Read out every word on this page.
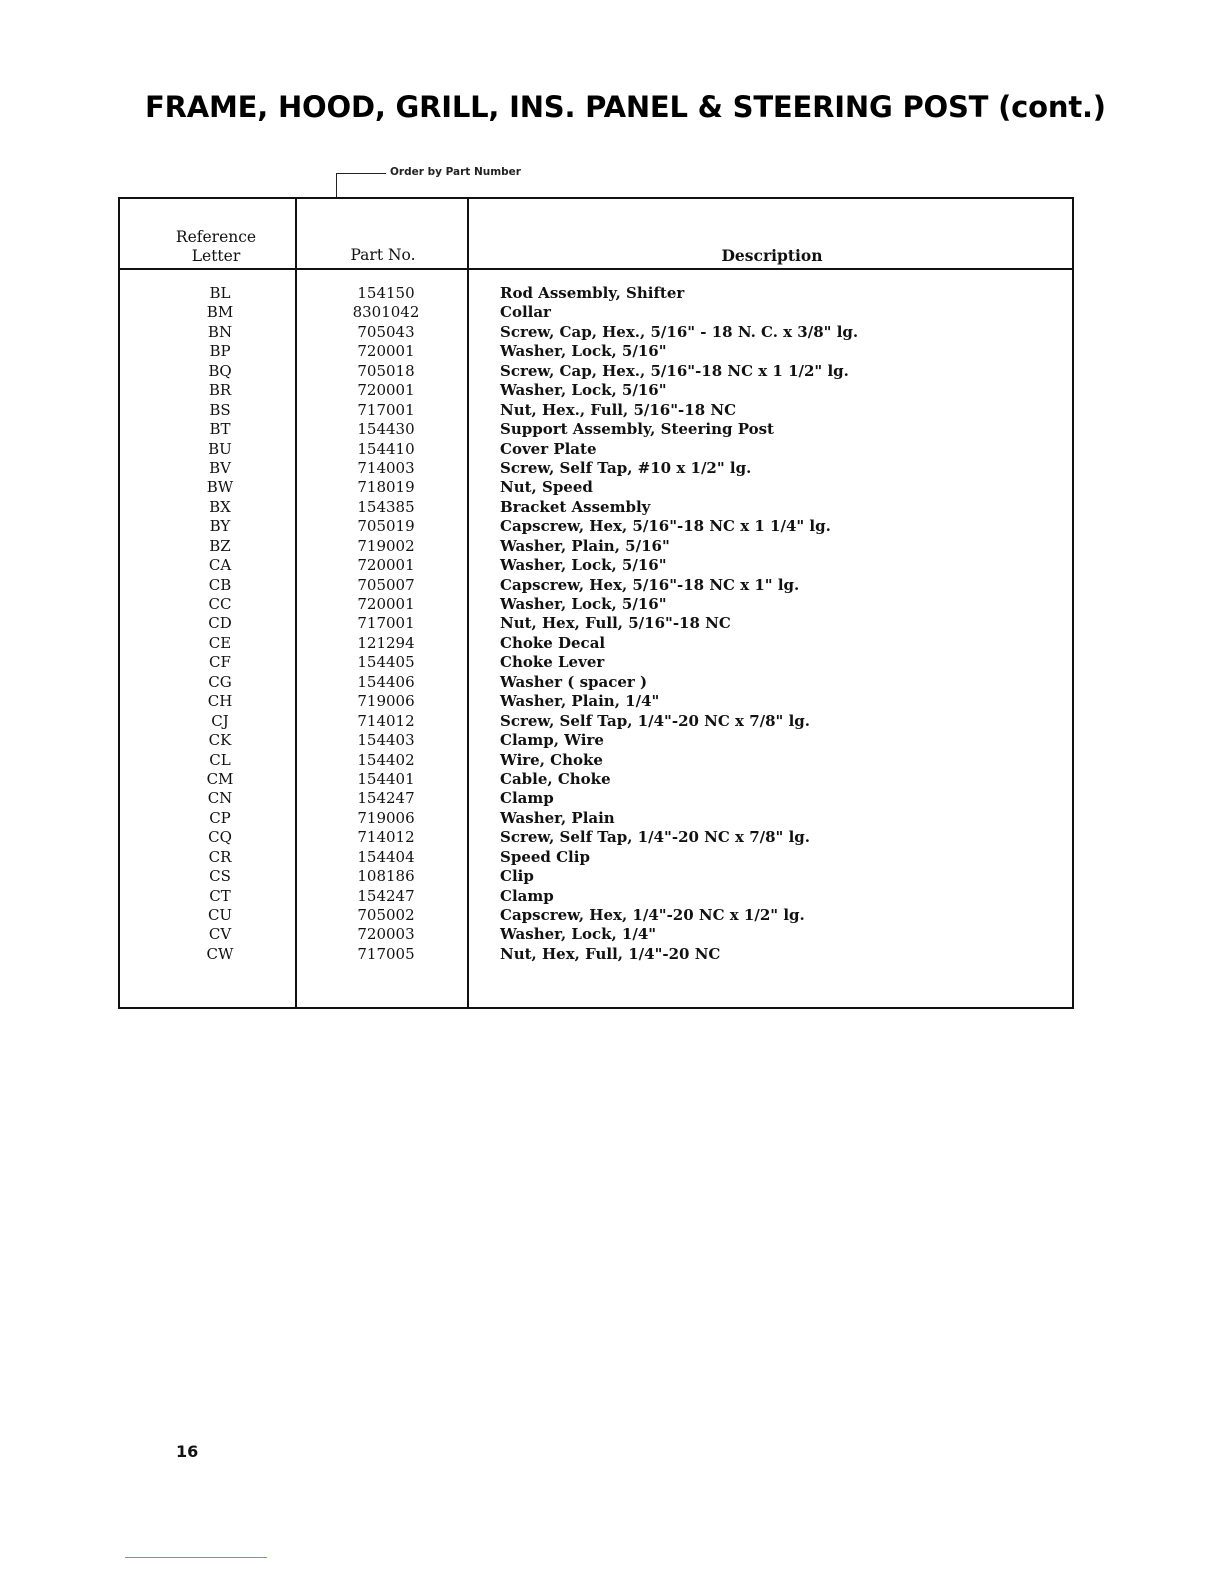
FRAME, HOOD, GRILL, INS. PANEL & STEERING POST (cont.)
Order by Part Number
Reference
Letter	Part No.	Description
BL	154150	Rod Assembly, Shifter
BM	8301042	Collar
BN	705043	Screw, Cap, Hex., 5/16" - 18 N. C. x 3/8" lg.
BP	720001	Washer, Lock, 5/16"
BQ	705018	Screw, Cap, Hex., 5/16"-18 NC x 1 1/2" lg.
BR	720001	Washer, Lock, 5/16"
BS	717001	Nut, Hex., Full, 5/16"-18 NC
BT	154430	Support Assembly, Steering Post
BU	154410	Cover Plate
BV	714003	Screw, Self Tap, #10 x 1/2" lg.
BW	718019	Nut, Speed
BX	154385	Bracket Assembly
BY	705019	Capscrew, Hex, 5/16"-18 NC x 1 1/4" lg.
BZ	719002	Washer, Plain, 5/16"
CA	720001	Washer, Lock, 5/16"
CB	705007	Capscrew, Hex, 5/16"-18 NC x 1" lg.
CC	720001	Washer, Lock, 5/16"
CD	717001	Nut, Hex, Full, 5/16"-18 NC
CE	121294	Choke Decal
CF	154405	Choke Lever
CG	154406	Washer ( spacer )
CH	719006	Washer, Plain, 1/4"
CJ	714012	Screw, Self Tap, 1/4"-20 NC x 7/8" lg.
CK	154403	Clamp, Wire
CL	154402	Wire, Choke
CM	154401	Cable, Choke
CN	154247	Clamp
CP	719006	Washer, Plain
CQ	714012	Screw, Self Tap, 1/4"-20 NC x 7/8" lg.
CR	154404	Speed Clip
CS	108186	Clip
CT	154247	Clamp
CU	705002	Capscrew, Hex, 1/4"-20 NC x 1/2" lg.
CV	720003	Washer, Lock, 1/4"
CW	717005	Nut, Hex, Full, 1/4"-20 NC
16
